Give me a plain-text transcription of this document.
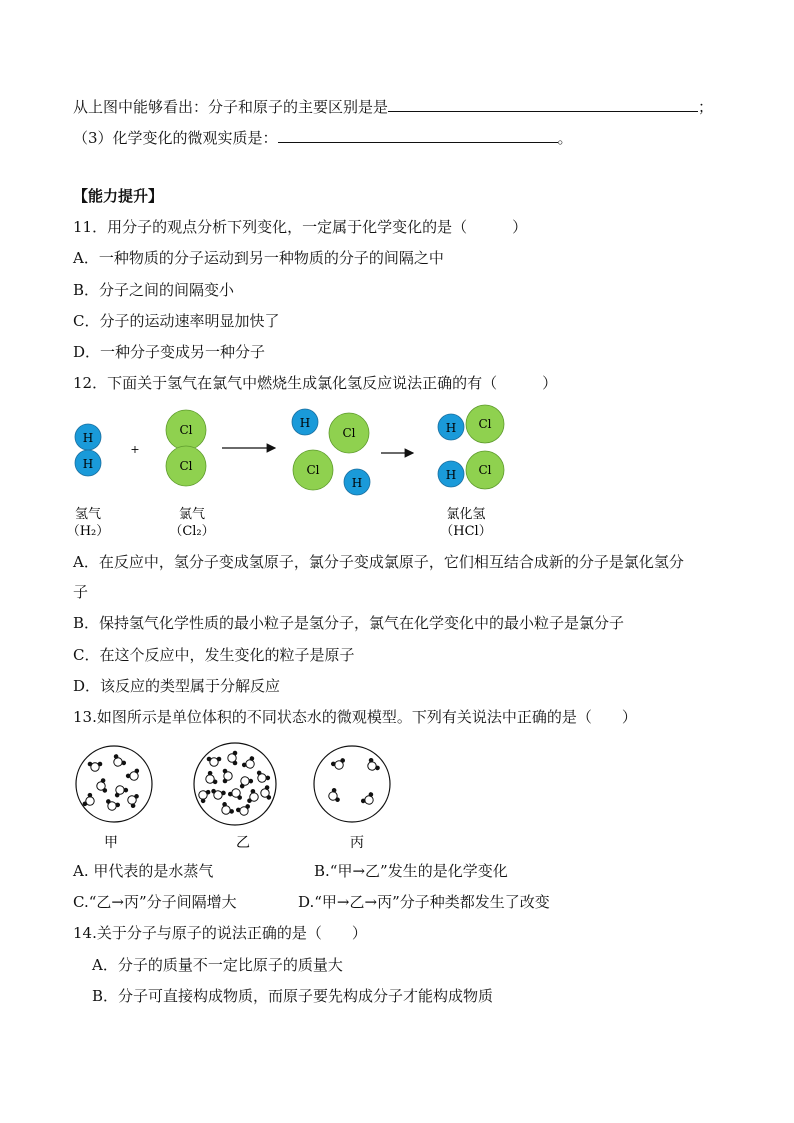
从上图中能够看出：分子和原子的主要区别是是	；
（3）化学变化的微观实质是：	。
【能力提升】
11．用分子的观点分析下列变化，一定属于化学变化的是（　　　）
A．一种物质的分子运动到另一种物质的分子的间隔之中
B．分子之间的间隔变小
C．分子的运动速率明显加快了
D．一种分子变成另一种分子
12．下面关于氢气在氯气中燃烧生成氯化氢反应说法正确的有（　　　）
H
H
+
Cl
Cl
H
Cl
Cl
H
Cl
H
Cl
H
氢气
（H₂）
氯气
（Cl₂）
氯化氢
（HCl）
甲	乙	丙
A．在反应中，氢分子变成氢原子，氯分子变成氯原子，它们相互结合成新的分子是氯化氢分
子
B．保持氢气化学性质的最小粒子是氢分子，氯气在化学变化中的最小粒子是氯分子
C．在这个反应中，发生变化的粒子是原子
D．该反应的类型属于分解反应
13.如图所示是单位体积的不同状态水的微观模型。下列有关说法中正确的是（　　）
A. 甲代表的是水蒸气	B.“甲→乙”发生的是化学变化
C.“乙→丙”分子间隔增大	D.“甲→乙→丙”分子种类都发生了改变
14.关于分子与原子的说法正确的是（　　）
A．分子的质量不一定比原子的质量大
B．分子可直接构成物质，而原子要先构成分子才能构成物质
